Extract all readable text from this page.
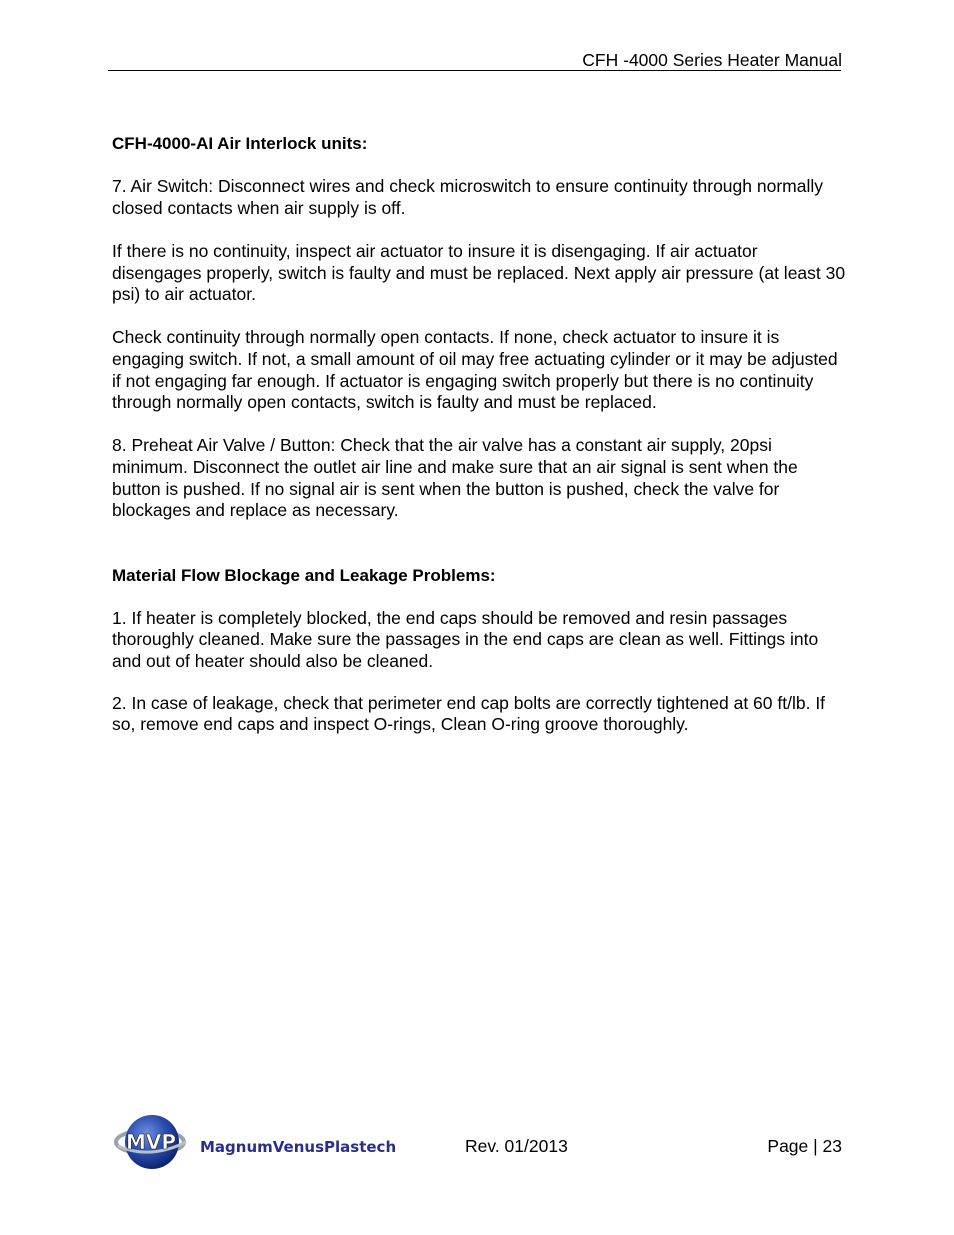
CFH -4000 Series Heater Manual

CFH-4000-AI Air Interlock units:

7. Air Switch: Disconnect wires and check microswitch to ensure continuity through normally closed contacts when air supply is off.

If there is no continuity, inspect air actuator to insure it is disengaging. If air actuator disengages properly, switch is faulty and must be replaced. Next apply air pressure (at least 30 psi) to air actuator.

Check continuity through normally open contacts. If none, check actuator to insure it is engaging switch. If not, a small amount of oil may free actuating cylinder or it may be adjusted if not engaging far enough. If actuator is engaging switch properly but there is no continuity through normally open contacts, switch is faulty and must be replaced.

8. Preheat Air Valve / Button: Check that the air valve has a constant air supply, 20psi minimum. Disconnect the outlet air line and make sure that an air signal is sent when the button is pushed. If no signal air is sent when the button is pushed, check the valve for blockages and replace as necessary.

Material Flow Blockage and Leakage Problems:

1. If heater is completely blocked, the end caps should be removed and resin passages thoroughly cleaned. Make sure the passages in the end caps are clean as well. Fittings into and out of heater should also be cleaned.

2. In case of leakage, check that perimeter end cap bolts are correctly tightened at 60 ft/lb. If so, remove end caps and inspect O-rings, Clean O-ring groove thoroughly.

MVP MagnumVenusPlastech	Rev. 01/2013	Page | 23
